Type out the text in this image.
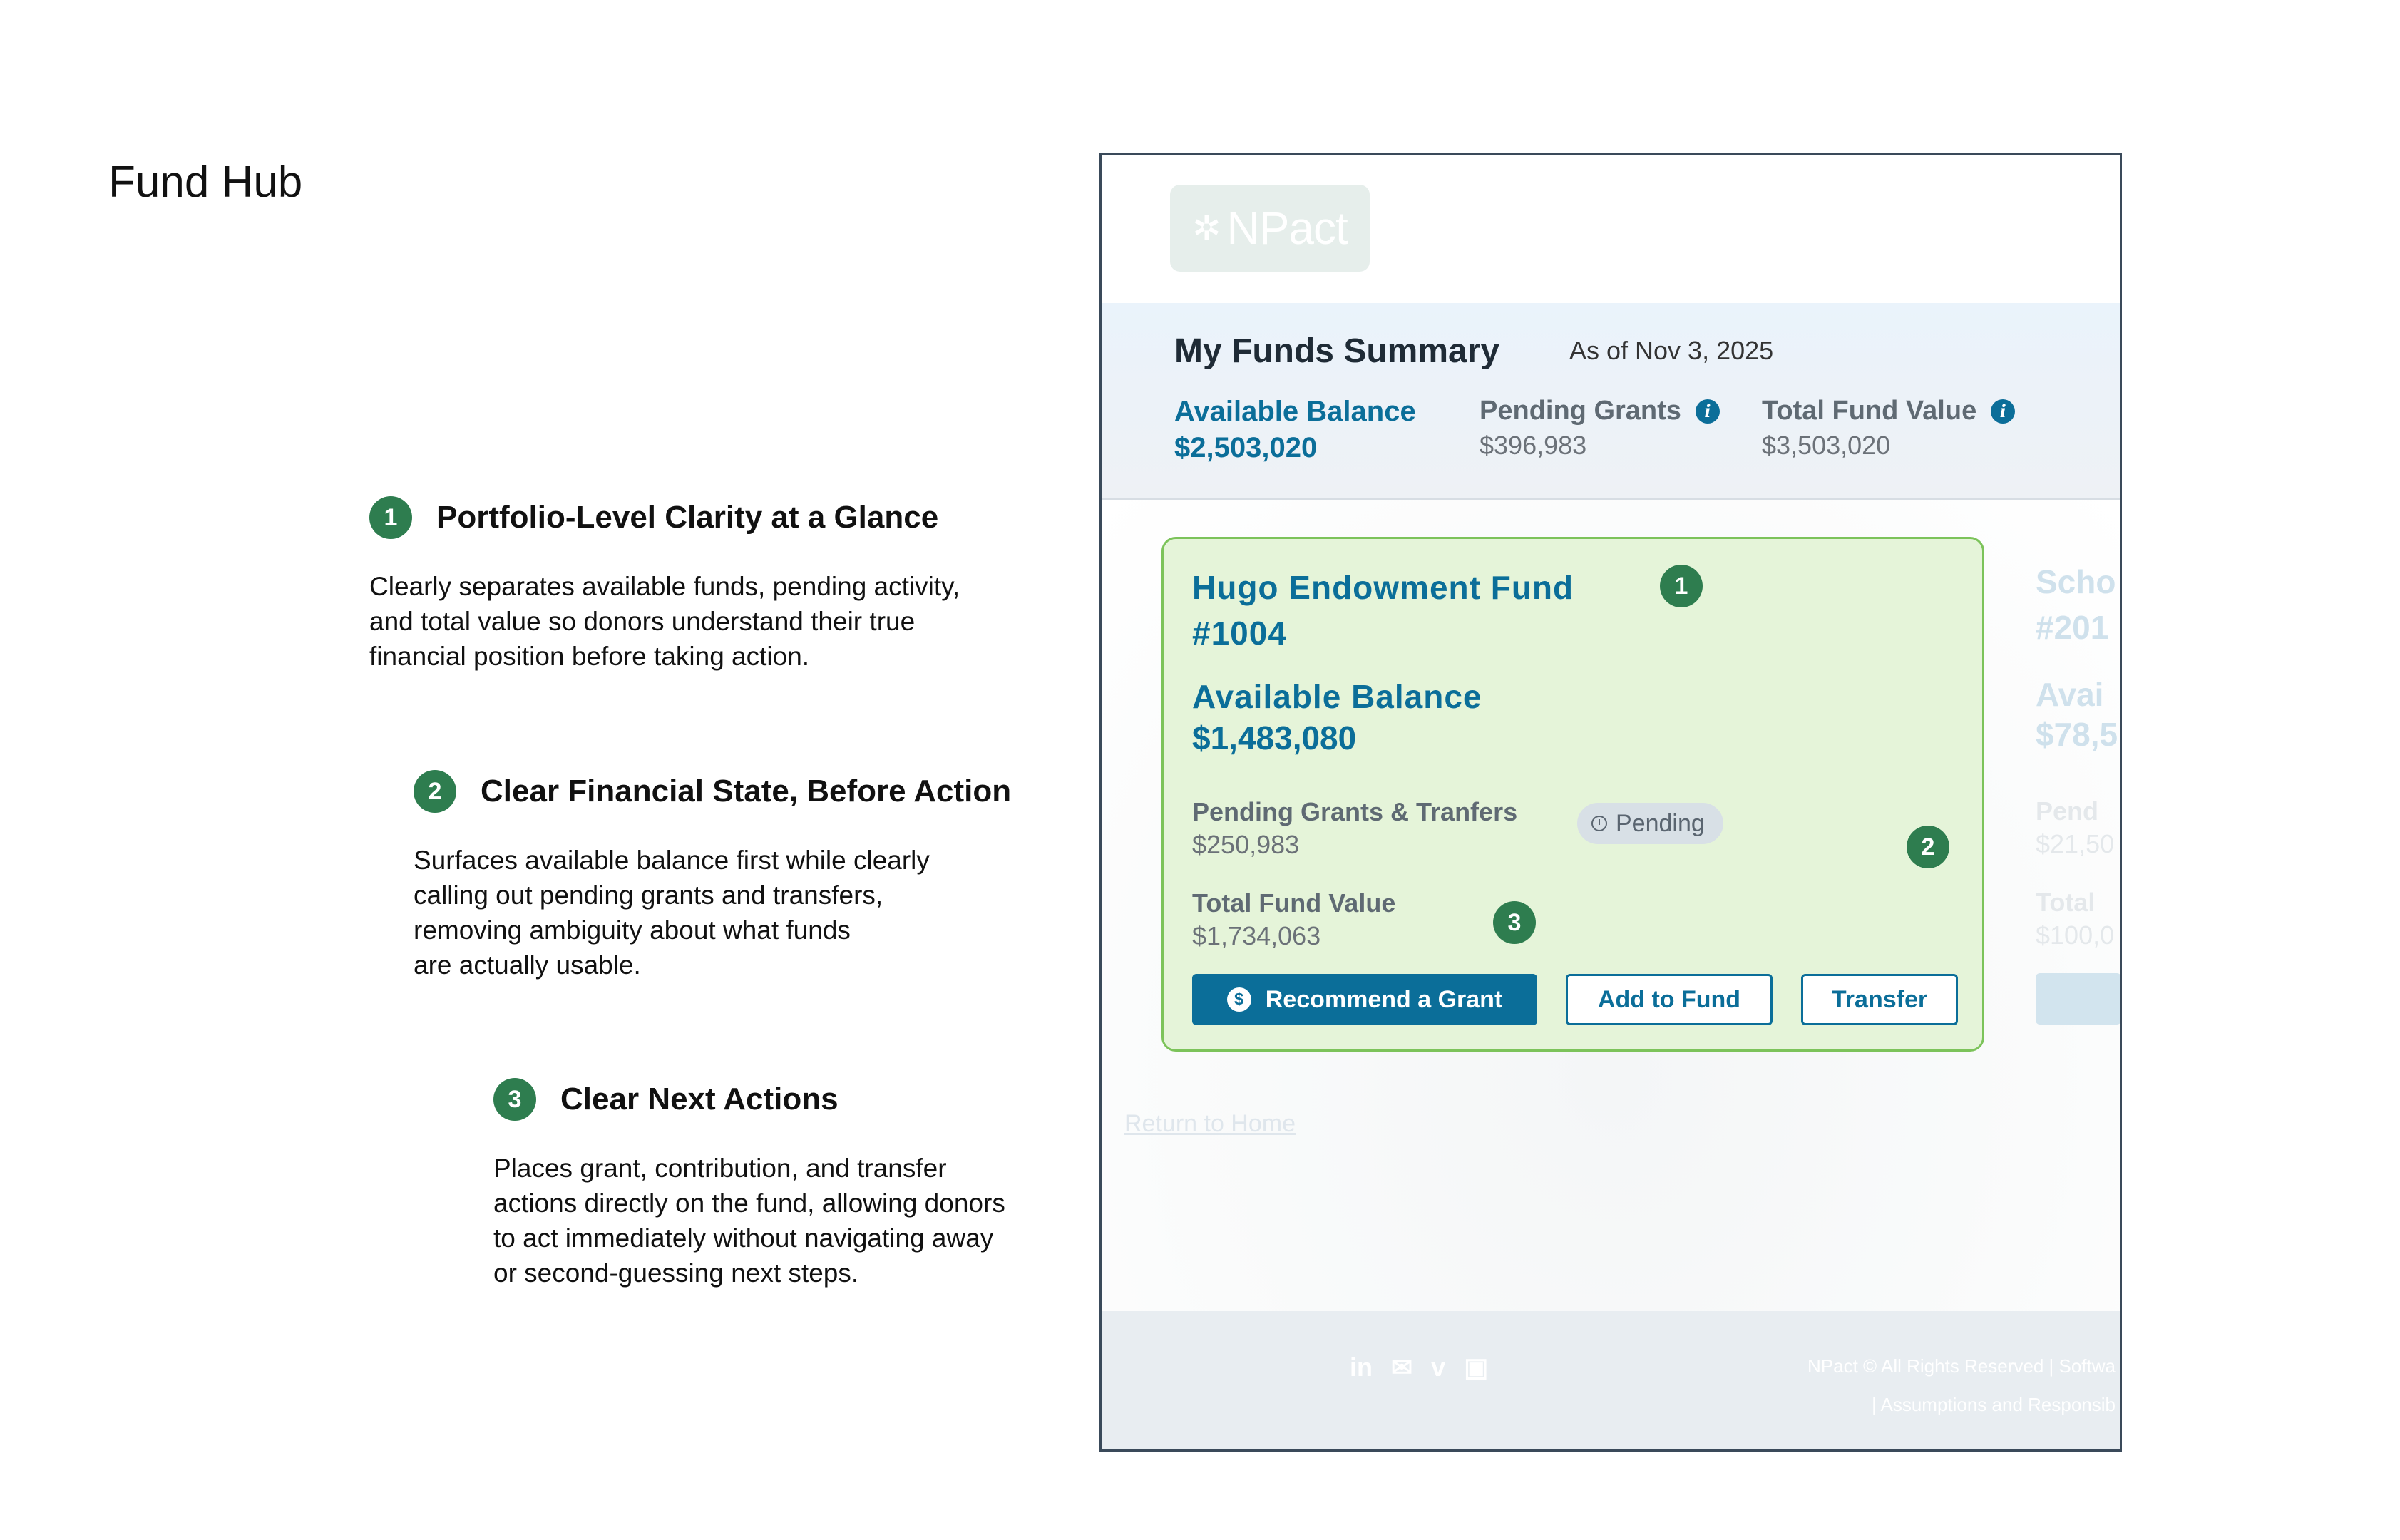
Fund Hub
1	Portfolio-Level Clarity at a Glance
Clearly separates available funds, pending activity,
and total value so donors understand their true
financial position before taking action.
2	Clear Financial State, Before Action
Surfaces available balance first while clearly
calling out pending grants and transfers,
removing ambiguity about what funds
are actually usable.
3	Clear Next Actions
Places grant, contribution, and transfer
actions directly on the fund, allowing donors
to act immediately without navigating away
or second-guessing next steps.
✲ NPact
My Funds Summary	As of Nov 3, 2025
Available Balance
$2,503,020
Pending Grants	i
$396,983
Total Fund Value	i
$3,503,020
Hugo Endowment Fund
#1004
1
Available Balance
$1,483,080
Pending Grants & Tranfers
$250,983
Pending
2
Total Fund Value
$1,734,063	3
$ Recommend a Grant	Add to Fund	Transfer
Scho
#201
Avai
$78,5
Pend
$21,50
Total
$100,0
Return to Home
in ✉ v ▣	NPact © All Rights Reserved | Softwa
| Assumptions and Responsib
